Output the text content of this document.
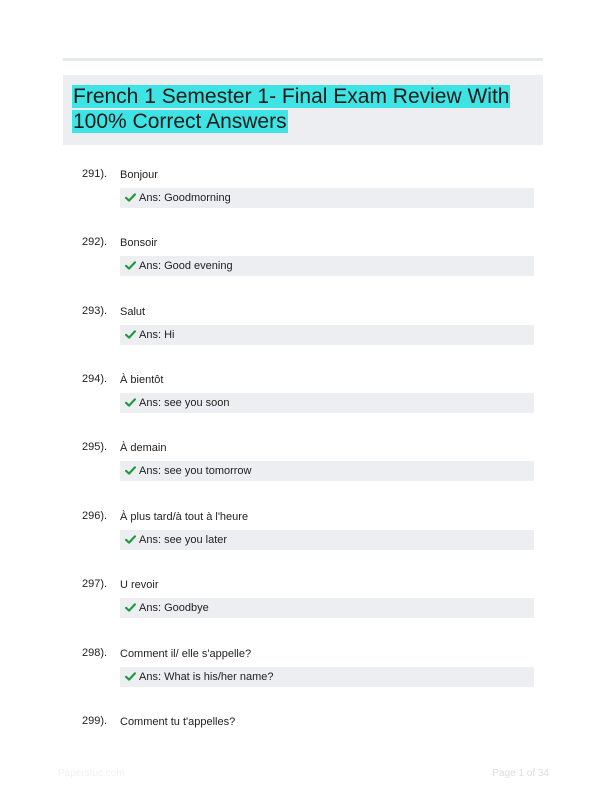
French 1 Semester 1- Final Exam Review With 100% Correct Answers
291). Bonjour
Ans: Goodmorning
292). Bonsoir
Ans: Good evening
293). Salut
Ans: Hi
294). À bientôt
Ans: see you soon
295). À demain
Ans: see you tomorrow
296). À plus tard/à tout à l'heure
Ans: see you later
297). U revoir
Ans: Goodbye
298). Comment il/ elle s'appelle?
Ans: What is his/her name?
299). Comment tu t'appelles?
Paperstuc.com	Page 1 of 34
